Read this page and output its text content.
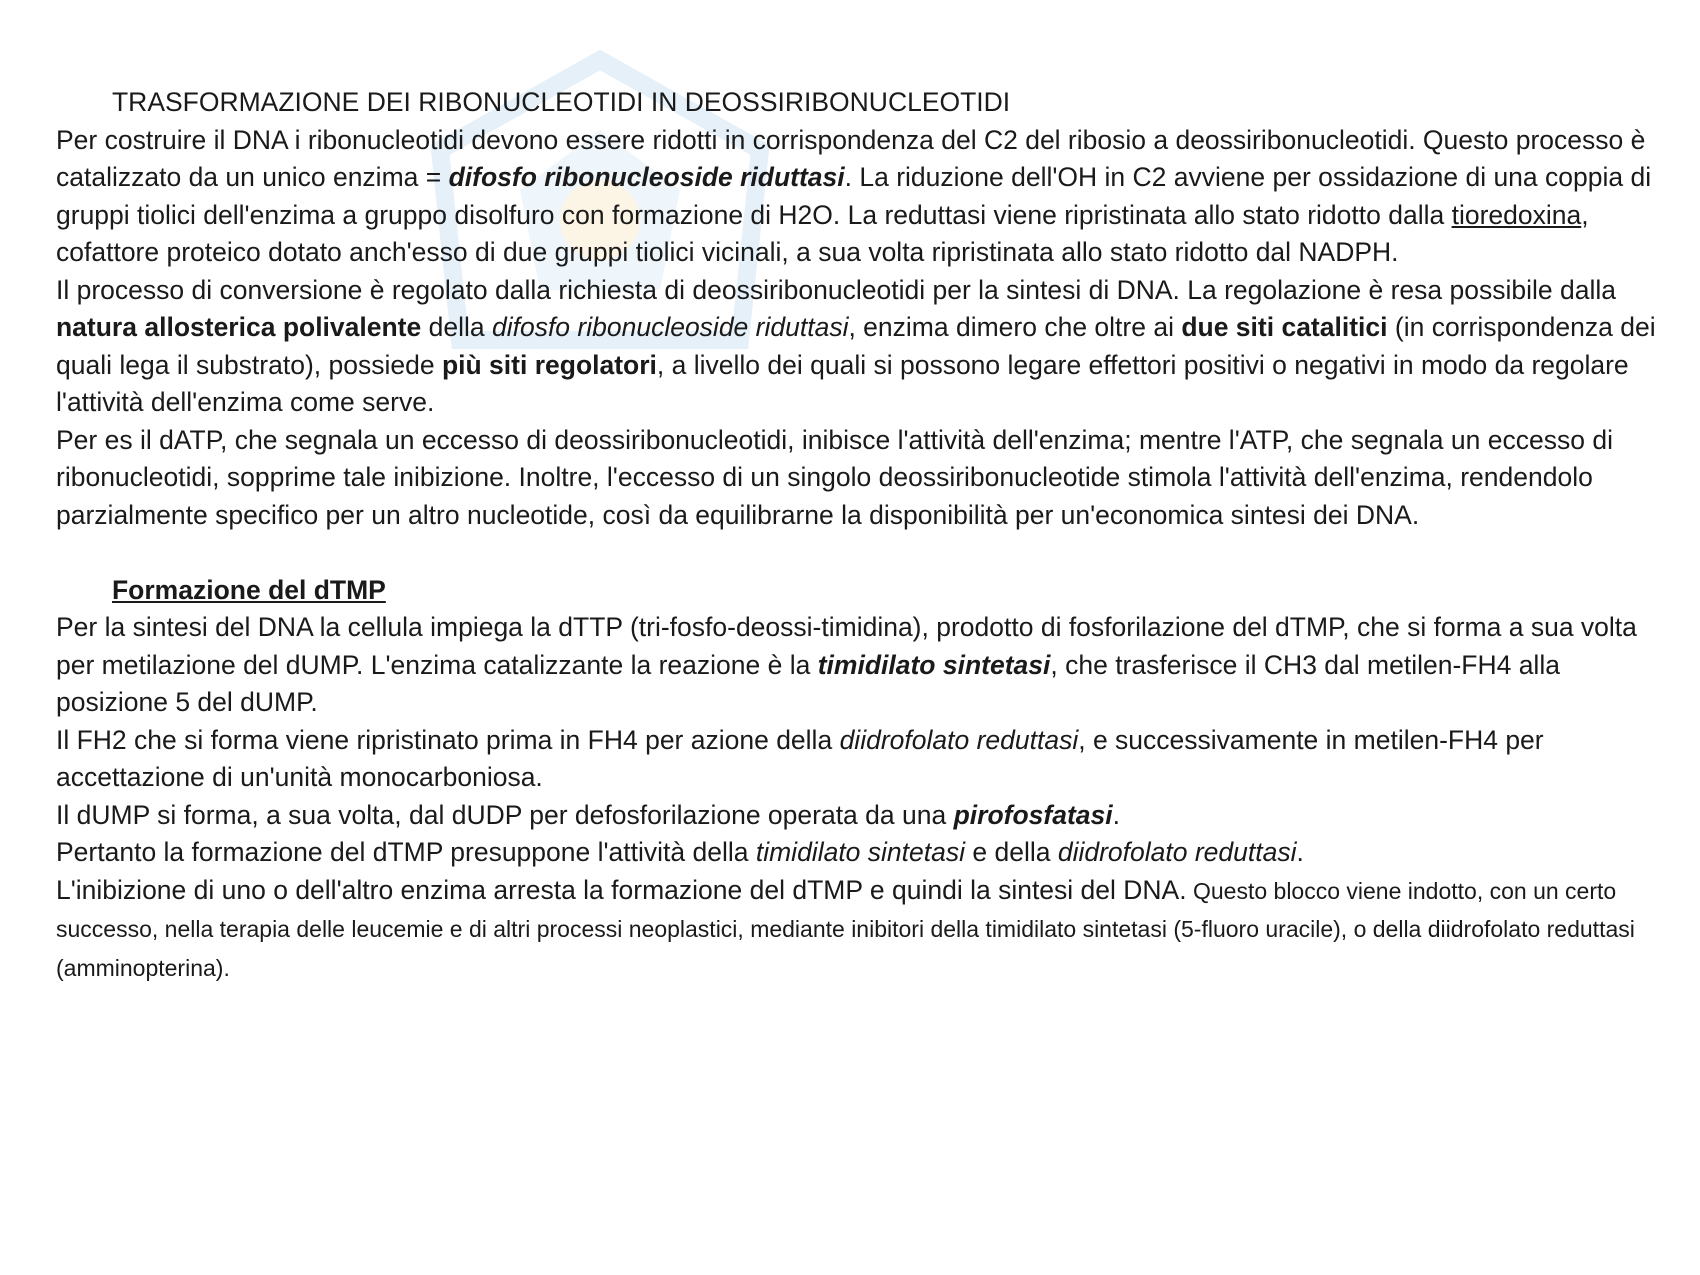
TRASFORMAZIONE DEI RIBONUCLEOTIDI IN DEOSSIRIBONUCLEOTIDI

Per costruire il DNA i ribonucleotidi devono essere ridotti in corrispondenza del C2 del ribosio a deossiribonucleotidi. Questo processo è catalizzato da un unico enzima = difosfo ribonucleoside riduttasi. La riduzione dell'OH in C2 avviene per ossidazione di una coppia di gruppi tiolici dell'enzima a gruppo disolfuro con formazione di H2O. La reduttasi viene ripristinata allo stato ridotto dalla tioredoxina, cofattore proteico dotato anch'esso di due gruppi tiolici vicinali, a sua volta ripristinata allo stato ridotto dal NADPH.

Il processo di conversione è regolato dalla richiesta di deossiribonucleotidi per la sintesi di DNA. La regolazione è resa possibile dalla natura allosterica polivalente della difosfo ribonucleoside riduttasi, enzima dimero che oltre ai due siti catalitici (in corrispondenza dei quali lega il substrato), possiede più siti regolatori, a livello dei quali si possono legare effettori positivi o negativi in modo da regolare l'attività dell'enzima come serve.

Per es il dATP, che segnala un eccesso di deossiribonucleotidi, inibisce l'attività dell'enzima; mentre l'ATP, che segnala un eccesso di ribonucleotidi, sopprime tale inibizione. Inoltre, l'eccesso di un singolo deossiribonucleotide stimola l'attività dell'enzima, rendendolo parzialmente specifico per un altro nucleotide, così da equilibrarne la disponibilità per un'economica sintesi dei DNA.

Formazione del dTMP

Per la sintesi del DNA la cellula impiega la dTTP (tri-fosfo-deossi-timidina), prodotto di fosforilazione del dTMP, che si forma a sua volta per metilazione del dUMP. L'enzima catalizzante la reazione è la timidilato sintetasi, che trasferisce il CH3 dal metilen-FH4 alla posizione 5 del dUMP.

Il FH2 che si forma viene ripristinato prima in FH4 per azione della diidrofolato reduttasi, e successivamente in metilen-FH4 per accettazione di un'unità monocarboniosa.

Il dUMP si forma, a sua volta, dal dUDP per defosforilazione operata da una pirofosfatasi.

Pertanto la formazione del dTMP presuppone l'attività della timidilato sintetasi e della diidrofolato reduttasi.

L'inibizione di uno o dell'altro enzima arresta la formazione del dTMP e quindi la sintesi del DNA. Questo blocco viene indotto, con un certo successo, nella terapia delle leucemie e di altri processi neoplastici, mediante inibitori della timidilato sintetasi (5-fluoro uracile), o della diidrofolato reduttasi (amminopterina).
